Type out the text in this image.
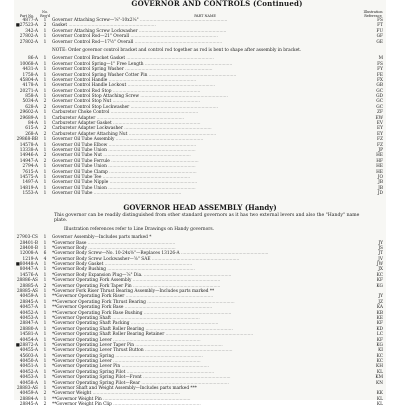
GOVERNOR AND CONTROLS (Continued)
Part No.
No. Req'd	PART NAME
Illustration Reference
4877-A	1	Governor Attaching Screw—⅝"-10x2⅛" ................................................................	FS
■27523-A	2	Gasket ................................................................	FT
342-A	1	Governor Attaching Screw Lockwasher ................................................................	FU
27802-A	1	Governor Control Rod—21" Overall ................................................................	GF
27802-A	1	Governor Control Rod—17½" Overall ................................................................	GE
NOTE: Order governor control bracket and control rod together as rod is bent to shape after assembly in bracket.
86-A	1	Governor Control Bracket Gasket ................................................................	M
10068-A	1	Governor Control Spring—1" Free Length ................................................................	FS
4431-A	1	Governor Control Spring Washer ................................................................	FY
1758-A	1	Governor Control Spring Washer Cotter Pin ................................................................	FE
45804-A	1	Governor Control Handle ................................................................	FX
4178-A	1	Governor Control Handle Lockout ................................................................	GB
20271-A	1	Governor Control Rod Stop ................................................................	GC
858-A	1	Governor Control Stop Attaching Screw ................................................................	GD
5034-A	2	Governor Control Stop Nut ................................................................	GC
628-A	2	Governor Control Stop Lockwasher ................................................................	GC
29602-A	1	Carburetor Choke Control ................................................................	ZF
29689-A	1	Carburetor Adapter ................................................................	EW
84-A	1	Carburetor Adapter Gasket ................................................................	EV
615-A	2	Carburetor Adapter Lockwasher ................................................................	EY
268-A	2	Carburetor Adapter Attaching Nut ................................................................	EY
29868-BB	1	Governor Oil Tube Assembly ................................................................	FZ
14578-A	1	Governor Oil Tube Elbow ................................................................	FZ
13338-A	1	Governor Oil Tube Union ................................................................	JP
14946-A	2	Governor Oil Tube Nut ................................................................	HE
14947-A	2	Governor Oil Tube Ferrule ................................................................	HF
2794-A	1	Governor Oil Tube Union ................................................................	HE
7615-A	1	Governor Oil Tube Clamp ................................................................	HE
14575-A	1	Governor Oil Tube Tee ................................................................	JO
1497-A	1	Governor Oil Tube Nipple ................................................................	JB
14819-A	1	Governor Oil Tube Union ................................................................	JB
1553-A	1	Governor Oil Tube ................................................................	JD
GOVERNOR HEAD ASSEMBLY (Handy)
This governor can be readily distinguished from other standard governors as it has two external levers and also the "Handy" name plate.
Illustration references refer to Line Drawings on Handy governors.
27903-CS	1	Governor Assembly—Includes parts marked *
28401-B	1	*Governor Base ................................................................	JY
28400-B	1	*Governor Body ................................................................	JS
12008-A	6	*Governor Body Screw—No. 10-24x⅜"—Replaces 13126-A ................................................................	JT
1219-A	4	*Governor Body Screw Lockwasher—⅝" SAE ................................................................	JV
■80448-A	1	*Governor Body Gasket ................................................................	JW
80447-A	1	*Governor Body Bushing ................................................................	JX
14576-A	1	*Governor Body Expansion Plug—⅞" Dia. ................................................................	KC
28886-AS	1	*Governor Operating Fork Assembly ................................................................	KF
28885-A	2	*Governor Operating Fork Taper Pin ................................................................	KG
28885-AS	1	*Governor Fork Riser Thrust Bearing Assembly—Includes parts marked **
40459-A	1	**Governor Operating Fork Riser ................................................................	JY
28845-A	1	**Governor Operating Fork Thrust Bearing ................................................................	JZ
40457-A	1	**Governor Operating Fork Base ................................................................	KA
40452-A	1	**Governor Operating Fork Base Bushing ................................................................	KB
40453-A	1	*Governor Operating Shaft ................................................................	KE
28847-A	1	*Governor Operating Shaft Packing ................................................................	KF
28880-A	1	*Governor Operating Shaft Roller Bearing ................................................................	KD
14581-A	1	*Governor Operating Shaft Roller Bearing Retainer ................................................................	LC
40454-A	1	*Governor Operating Lever ................................................................	KF
■28872-A	1	*Governor Operating Lever Taper Pin ................................................................	KG
40455-A	1	*Governor Operating Lever Thrust Button ................................................................	KI
45603-A	1	*Governor Operating Spring ................................................................	KC
40450-A	1	*Governor Operating Lever ................................................................	KC
40451-A	1	*Governor Operating Lever Pin ................................................................	KH
40452-A	1	*Governor Operating Spring Pilot ................................................................	KL
40453-A	1	*Governor Operating Spring Pilot—Front ................................................................	KM
40458-A	1	*Governor Operating Spring Pilot—Rear ................................................................	KN
28883-AS	1	*Governor Shaft and Weight Assembly—Includes parts marked ***
40459-A	2	*Governor Weight ................................................................	KK
28884-A	1	**Governor Weight Pin ................................................................	KL
28845-A	2	**Governor Weight Pin Clip ................................................................	KL
